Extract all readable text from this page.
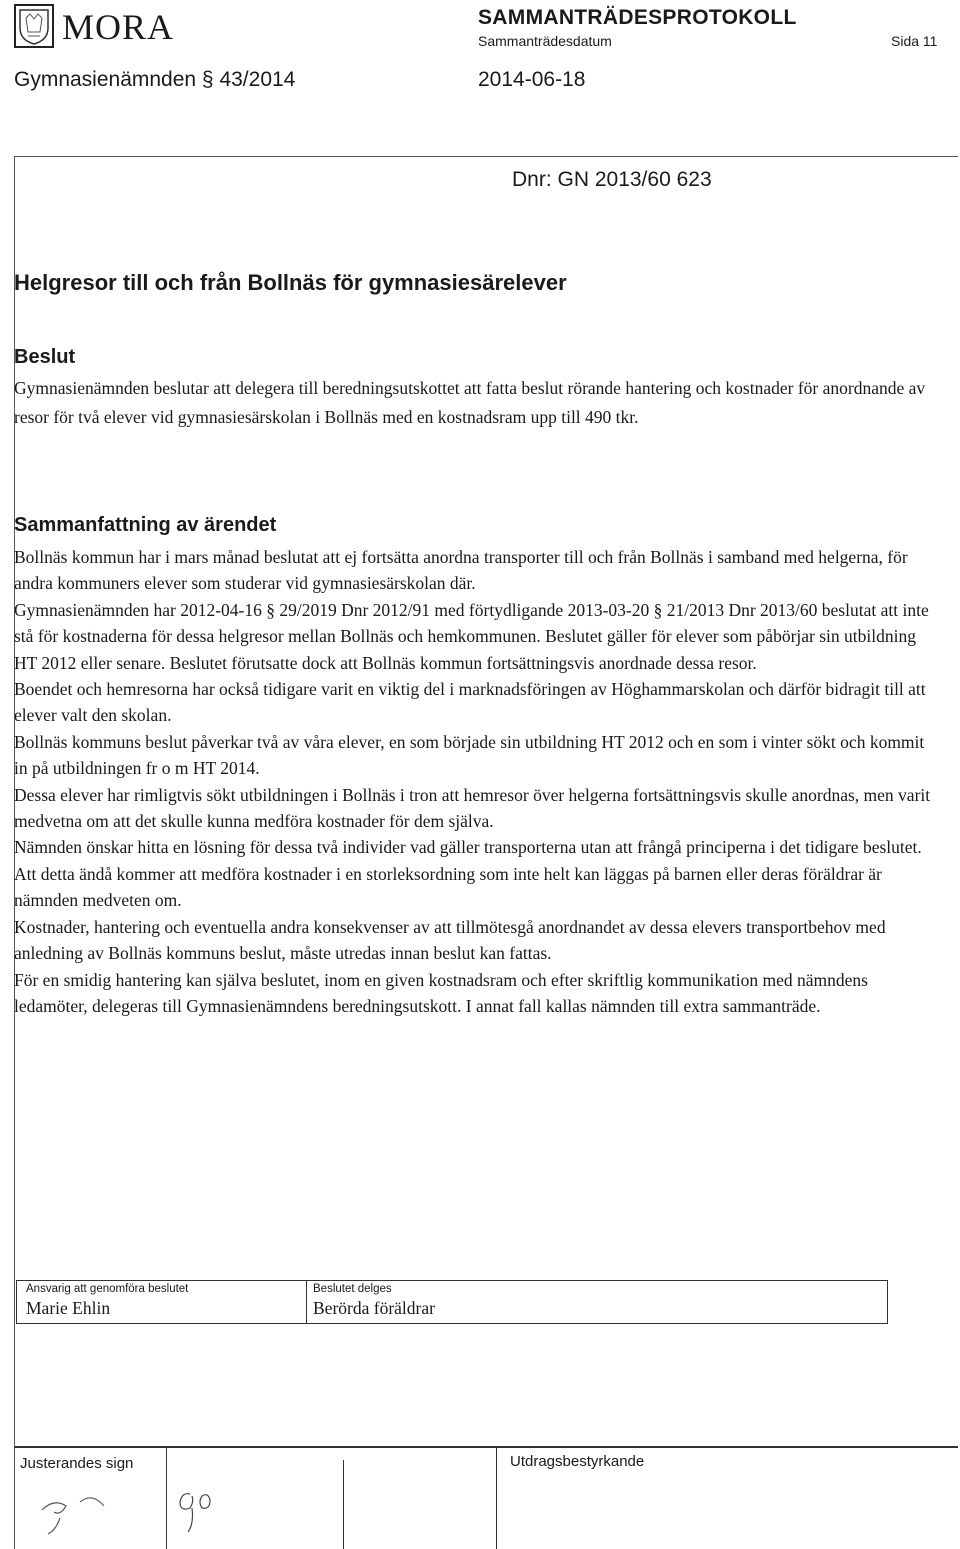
MORA	SAMMANTRÄDESPROTOKOLL
Sammanträdesdatum	Sida 11
Gymnasienämnden § 43/2014	2014-06-18
Dnr: GN 2013/60 623
Helgresor till och från Bollnäs för gymnasiesärelever
Beslut
Gymnasienämnden beslutar att delegera till beredningsutskottet att fatta beslut rörande hantering och kostnader för anordnande av resor för två elever vid gymnasiesärskolan i Bollnäs med en kostnadsram upp till 490 tkr.
Sammanfattning av ärendet

Bollnäs kommun har i mars månad beslutat att ej fortsätta anordna transporter till och från Bollnäs i samband med helgerna, för andra kommuners elever som studerar vid gymnasiesärskolan där.

Gymnasienämnden har 2012-04-16 § 29/2019 Dnr 2012/91 med förtydligande 2013-03-20 § 21/2013 Dnr 2013/60 beslutat att inte stå för kostnaderna för dessa helgresor mellan Bollnäs och hemkommunen. Beslutet gäller för elever som påbörjar sin utbildning HT 2012 eller senare. Beslutet förutsatte dock att Bollnäs kommun fortsättningsvis anordnade dessa resor.

Boendet och hemresorna har också tidigare varit en viktig del i marknadsföringen av Höghammarskolan och därför bidragit till att elever valt den skolan.

Bollnäs kommuns beslut påverkar två av våra elever, en som började sin utbildning HT 2012 och en som i vinter sökt och kommit in på utbildningen fr o m HT 2014.

Dessa elever har rimligtvis sökt utbildningen i Bollnäs i tron att hemresor över helgerna fortsättningsvis skulle anordnas, men varit medvetna om att det skulle kunna medföra kostnader för dem själva.

Nämnden önskar hitta en lösning för dessa två individer vad gäller transporterna utan att frångå principerna i det tidigare beslutet. Att detta ändå kommer att medföra kostnader i en storleksordning som inte helt kan läggas på barnen eller deras föräldrar är nämnden medveten om.

Kostnader, hantering och eventuella andra konsekvenser av att tillmötesgå anordnandet av dessa elevers transportbehov med anledning av Bollnäs kommuns beslut, måste utredas innan beslut kan fattas.

För en smidig hantering kan själva beslutet, inom en given kostnadsram och efter skriftlig kommunikation med nämndens ledamöter, delegeras till Gymnasienämndens beredningsutskott. I annat fall kallas nämnden till extra sammanträde.

Ansvarig att genomföra beslutet
Marie Ehlin
Beslutet delges
Berörda föräldrar
Justerandes sign	Utdragsbestyrkande
